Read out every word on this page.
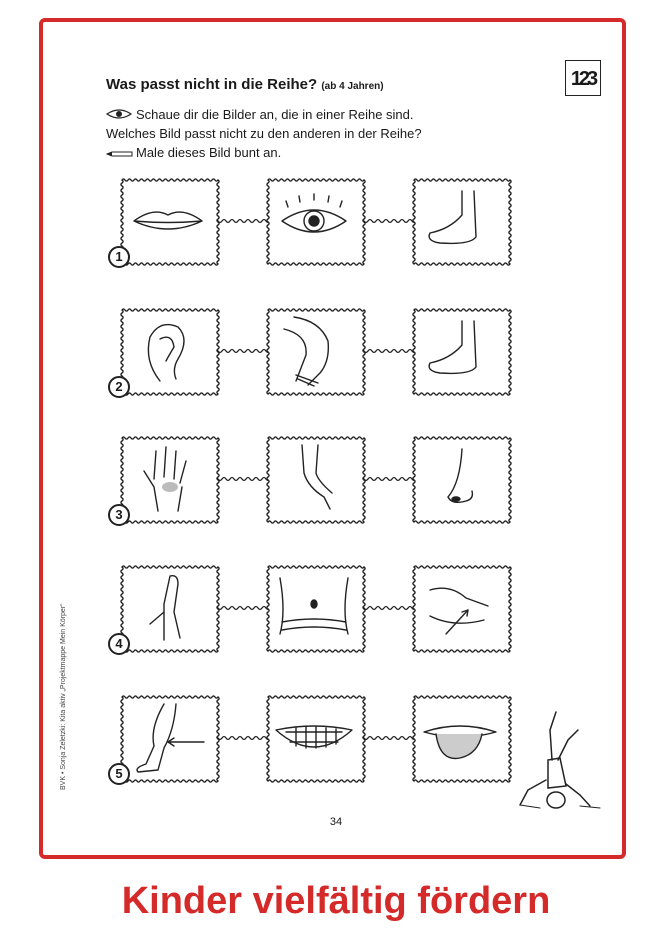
Was passt nicht in die Reihe? (ab 4 Jahren)	123
Schaue dir die Bilder an, die in einer Reihe sind.
Welches Bild passt nicht zu den anderen in der Reihe?
Male dieses Bild bunt an.
1
2
3
4
5
34
BVK • Sonja Zeletzki: Kita aktiv „Projektmappe Mein Körper“
Kinder vielfältig fördern
